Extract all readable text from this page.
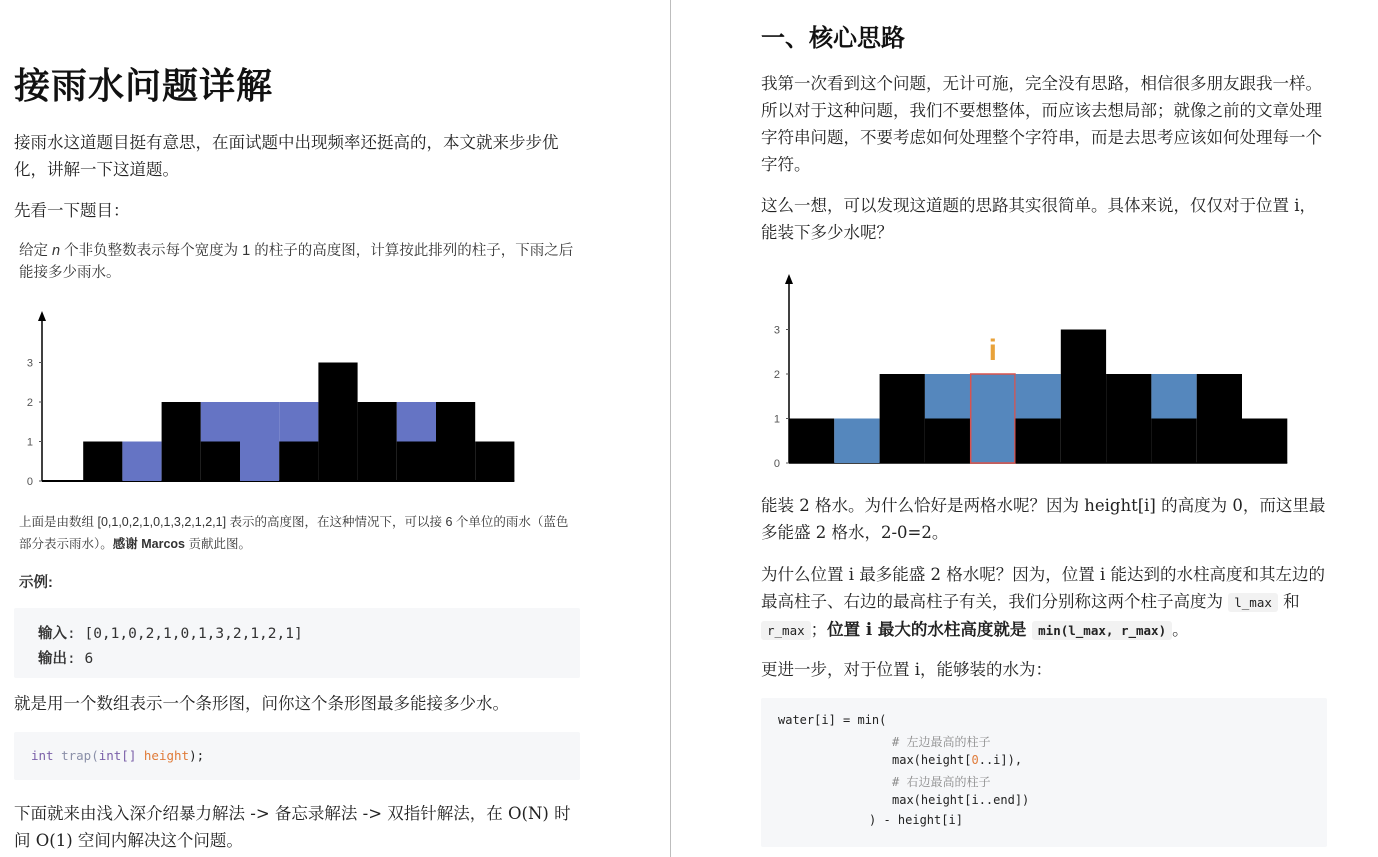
接雨水问题详解

接雨水这道题目挺有意思，在面试题中出现频率还挺高的，本文就来步步优化，讲解一下这道题。

先看一下题目：

给定 n 个非负整数表示每个宽度为 1 的柱子的高度图，计算按此排列的柱子，下雨之后能接多少雨水。

0
1
2
3

上面是由数组 [0,1,0,2,1,0,1,3,2,1,2,1] 表示的高度图，在这种情况下，可以接 6 个单位的雨水（蓝色部分表示雨水）。感谢 Marcos 贡献此图。

示例:
输入: [0,1,0,2,1,0,1,3,2,1,2,1]
输出: 6

就是用一个数组表示一个条形图，问你这个条形图最多能接多少水。

int trap(int[] height);

下面就来由浅入深介绍暴力解法 -> 备忘录解法 -> 双指针解法，在 O(N) 时间 O(1) 空间内解决这个问题。

一、核心思路

我第一次看到这个问题，无计可施，完全没有思路，相信很多朋友跟我一样。所以对于这种问题，我们不要想整体，而应该去想局部；就像之前的文章处理字符串问题，不要考虑如何处理整个字符串，而是去思考应该如何处理每一个字符。

这么一想，可以发现这道题的思路其实很简单。具体来说，仅仅对于位置 i，能装下多少水呢？

0
1
2
3
i

能装 2 格水。为什么恰好是两格水呢？因为 height[i] 的高度为 0，而这里最多能盛 2 格水，2-0=2。

为什么位置 i 最多能盛 2 格水呢？因为，位置 i 能达到的水柱高度和其左边的最高柱子、右边的最高柱子有关，我们分别称这两个柱子高度为 l_max 和 r_max ；位置 i 最大的水柱高度就是 min(l_max, r_max) 。

更进一步，对于位置 i，能够装的水为：

water[i] = min(
# 左边最高的柱子
max(height[0..i]),
# 右边最高的柱子
max(height[i..end])
) - height[i]
